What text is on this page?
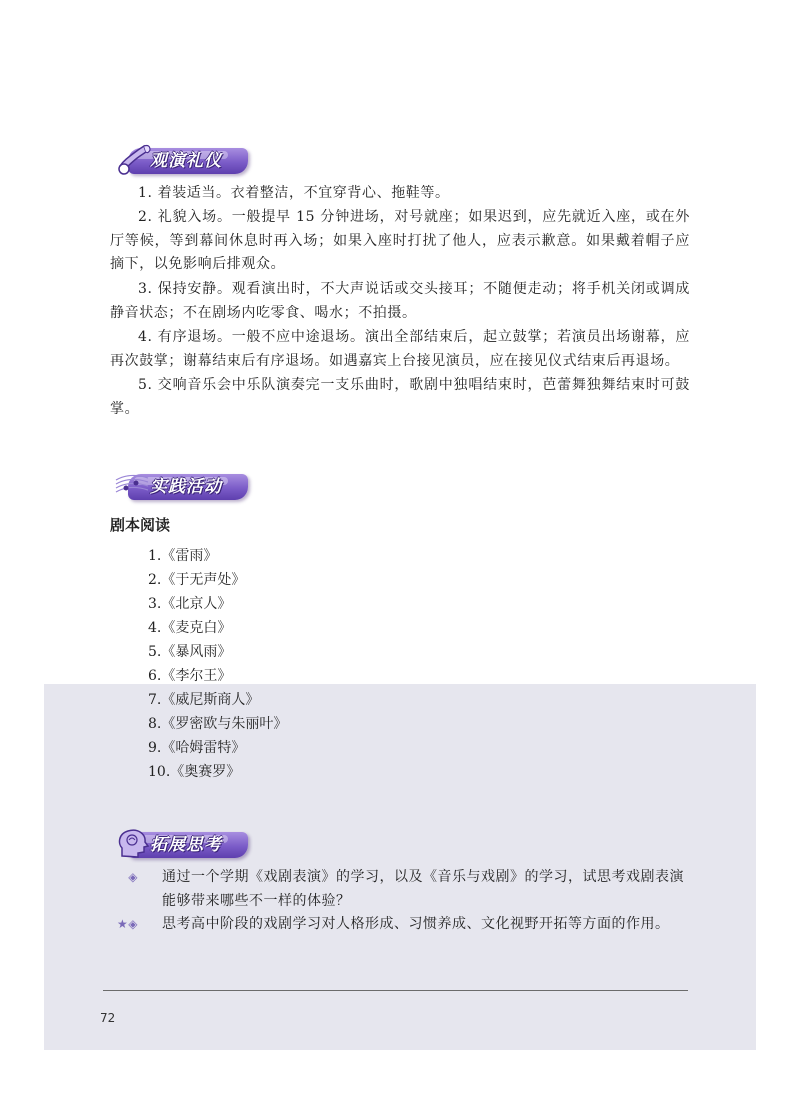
观演礼仪
1. 着装适当。衣着整洁，不宜穿背心、拖鞋等。
2. 礼貌入场。一般提早 15 分钟进场，对号就座；如果迟到，应先就近入座，或在外厅等候，等到幕间休息时再入场；如果入座时打扰了他人，应表示歉意。如果戴着帽子应摘下，以免影响后排观众。
3. 保持安静。观看演出时，不大声说话或交头接耳；不随便走动；将手机关闭或调成静音状态；不在剧场内吃零食、喝水；不拍摄。
4. 有序退场。一般不应中途退场。演出全部结束后，起立鼓掌；若演员出场谢幕，应再次鼓掌；谢幕结束后有序退场。如遇嘉宾上台接见演员，应在接见仪式结束后再退场。
5. 交响音乐会中乐队演奏完一支乐曲时，歌剧中独唱结束时，芭蕾舞独舞结束时可鼓掌。
实践活动
剧本阅读
1.《雷雨》
2.《于无声处》
3.《北京人》
4.《麦克白》
5.《暴风雨》
6.《李尔王》
7.《威尼斯商人》
8.《罗密欧与朱丽叶》
9.《哈姆雷特》
10.《奥赛罗》
拓展思考
◈ 通过一个学期《戏剧表演》的学习，以及《音乐与戏剧》的学习，试思考戏剧表演
能够带来哪些不一样的体验？
★◈ 思考高中阶段的戏剧学习对人格形成、习惯养成、文化视野开拓等方面的作用。
72
